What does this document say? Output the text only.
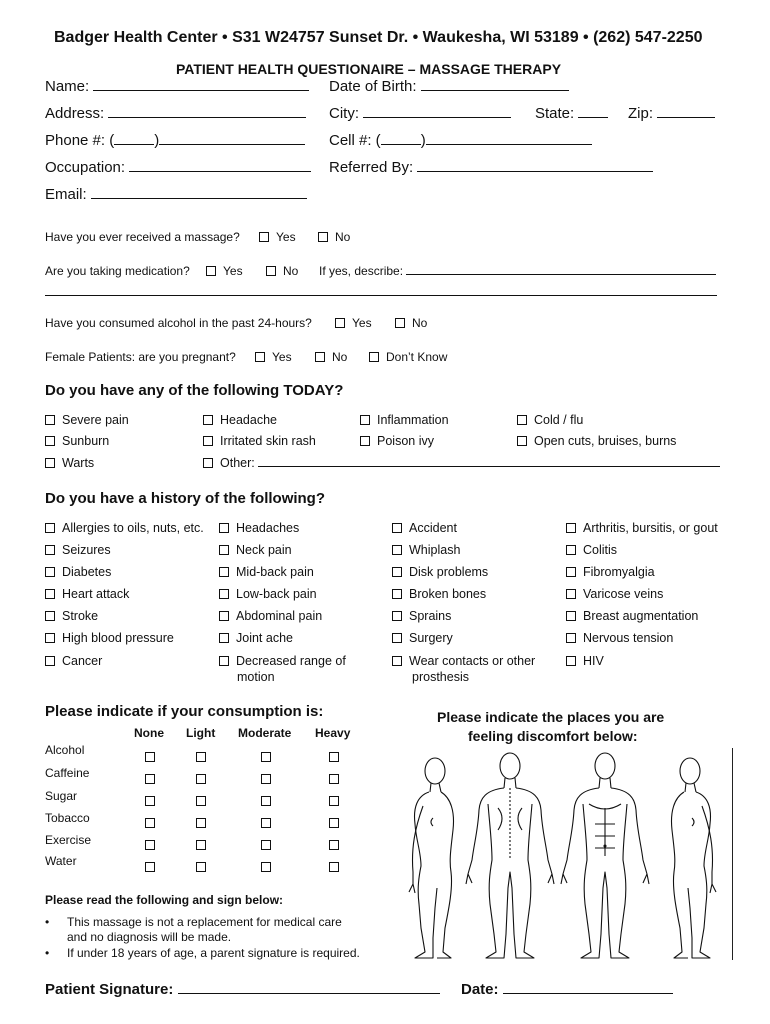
Badger Health Center • S31 W24757 Sunset Dr. • Waukesha, WI 53189 • (262) 547-2250
PATIENT HEALTH QUESTIONAIRE – MASSAGE THERAPY
Name:	Date of Birth:
Address:	City:	State:	Zip:
Phone #: (	)	Cell #: (	)
Occupation:	Referred By:
Email:
Have you ever received a massage?	Yes	No
Are you taking medication?	Yes	No If yes, describe:
Have you consumed alcohol in the past 24-hours?	Yes	No
Female Patients: are you pregnant?	Yes	No	Don’t Know
Do you have any of the following TODAY?
Severe pain	Headache	Inflammation	Cold / flu
Sunburn	Irritated skin rash	Poison ivy	Open cuts, bruises, burns
Warts	Other:
Do you have a history of the following?
Allergies to oils, nuts, etc.
Seizures
Diabetes
Heart attack
Stroke
High blood pressure
Cancer
Headaches
Neck pain
Mid-back pain
Low-back pain
Abdominal pain
Joint ache
Decreased range of
motion
Accident
Whiplash
Disk problems
Broken bones
Sprains
Surgery
Wear contacts or other
prosthesis
Arthritis, bursitis, or gout
Colitis
Fibromyalgia
Varicose veins
Breast augmentation
Nervous tension
HIV
Please indicate if your consumption is:
None Light Moderate Heavy
Alcohol
Caffeine
Sugar
Tobacco
Exercise
Water
Please indicate the places you are
feeling discomfort below:
Please read the following and sign below:
• This massage is not a replacement for medical care
and no diagnosis will be made.
• If under 18 years of age, a parent signature is required.
Patient Signature:	Date:
